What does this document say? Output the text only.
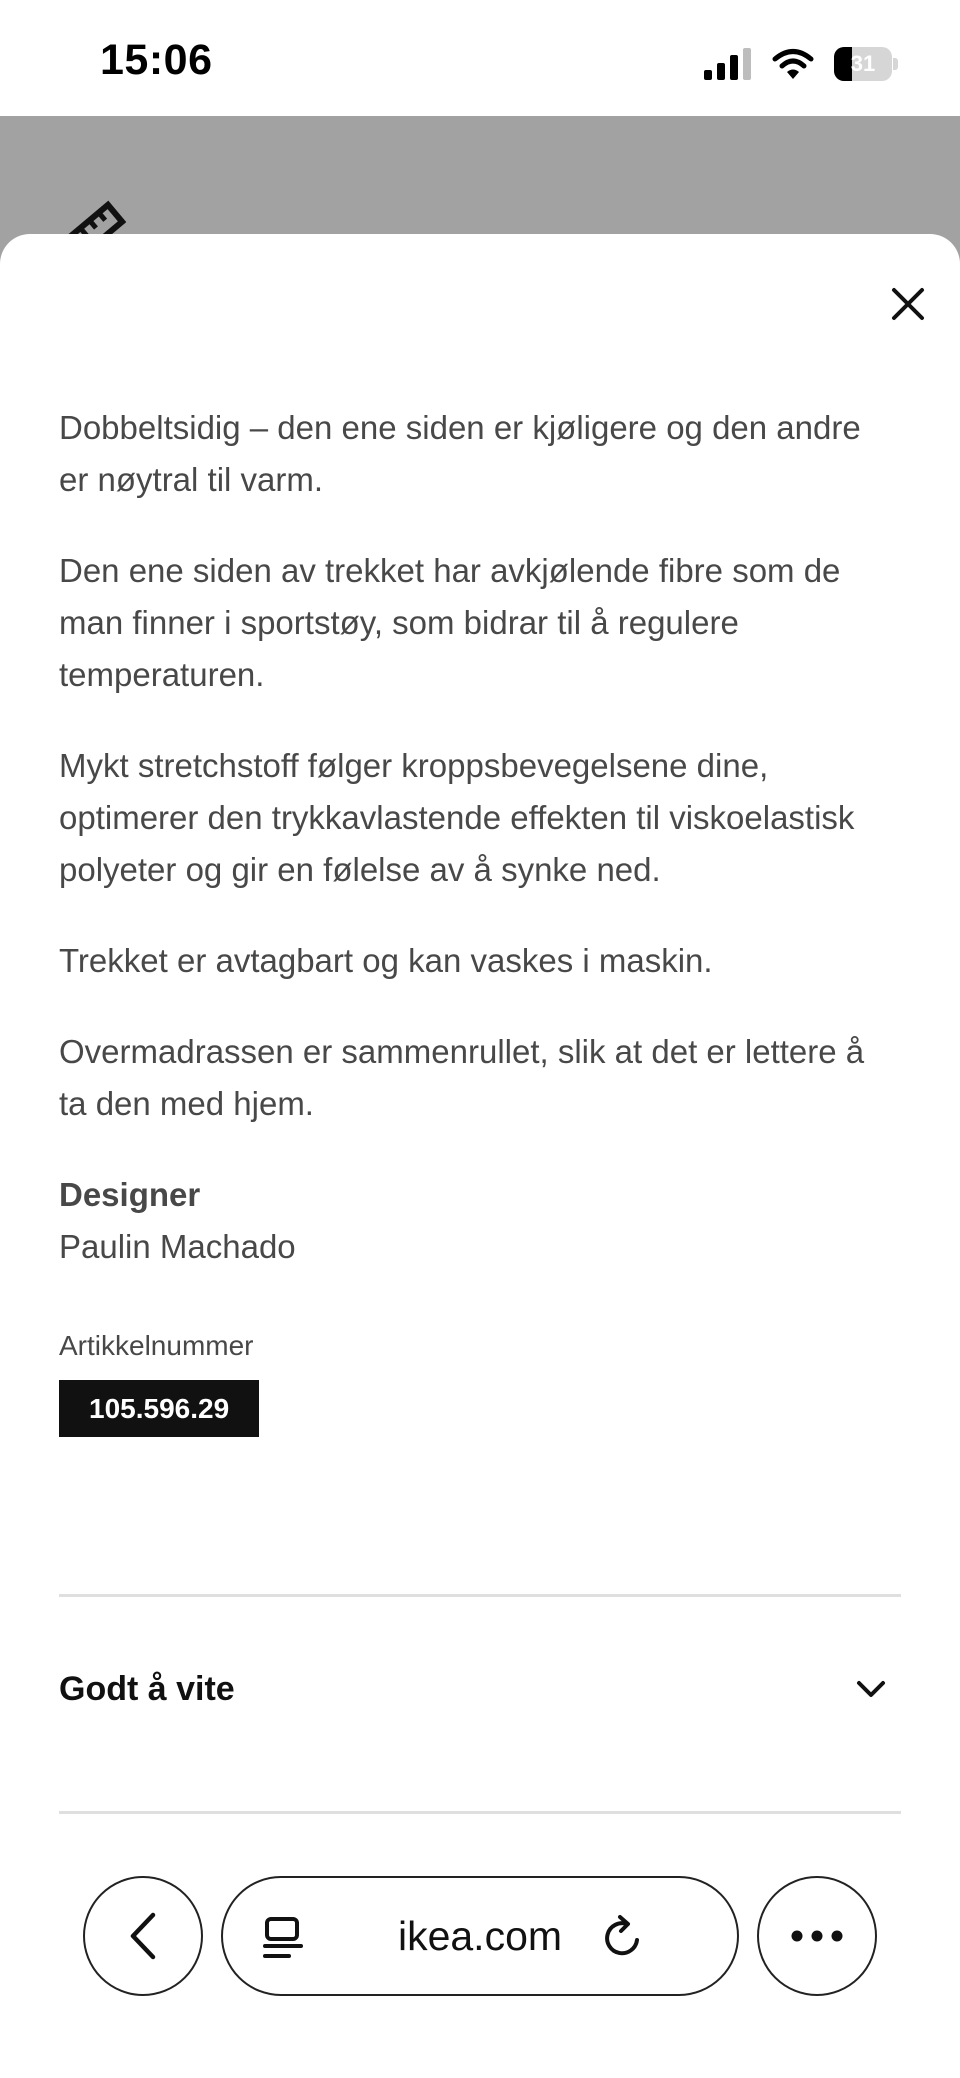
15:06	31

Dobbeltsidig – den ene siden er kjøligere og den andre er nøytral til varm.

Den ene siden av trekket har avkjølende fibre som de man finner i sportstøy, som bidrar til å regulere temperaturen.

Mykt stretchstoff følger kroppsbevegelsene dine, optimerer den trykkavlastende effekten til viskoelastisk polyeter og gir en følelse av å synke ned.

Trekket er avtagbart og kan vaskes i maskin.

Overmadrassen er sammenrullet, slik at det er lettere å ta den med hjem.

Designer
Paulin Machado
Artikkelnummer
105.596.29
Godt å vite
ikea.com
